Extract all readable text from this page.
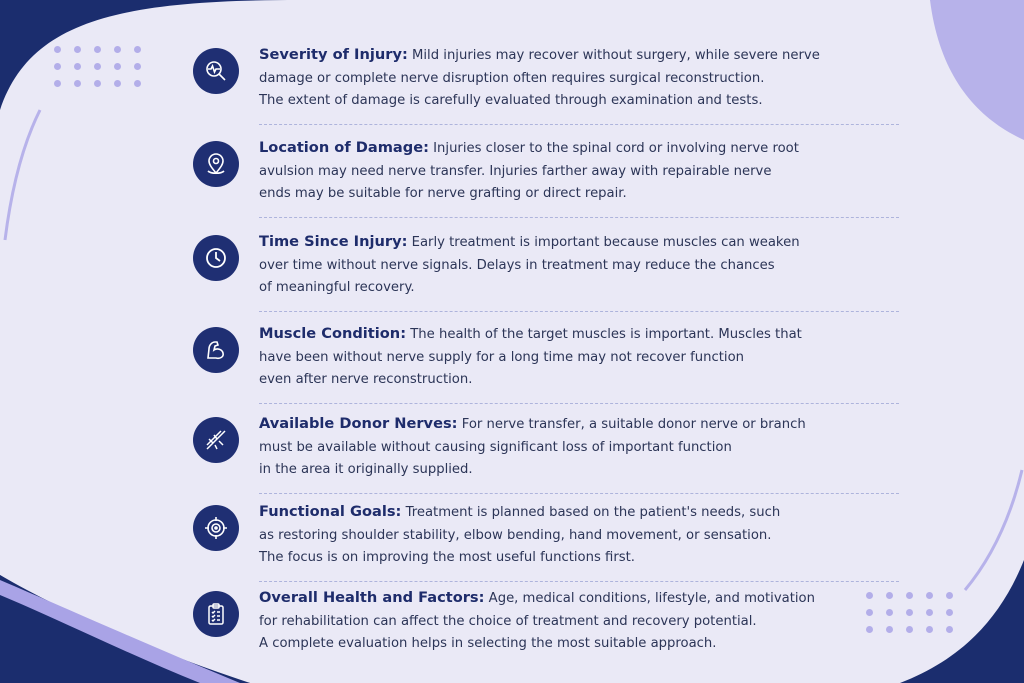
Severity of Injury: Mild injuries may recover without surgery, while severe nerve
damage or complete nerve disruption often requires surgical reconstruction.
The extent of damage is carefully evaluated through examination and tests.

Location of Damage: Injuries closer to the spinal cord or involving nerve root
avulsion may need nerve transfer. Injuries farther away with repairable nerve
ends may be suitable for nerve grafting or direct repair.

Time Since Injury: Early treatment is important because muscles can weaken
over time without nerve signals. Delays in treatment may reduce the chances
of meaningful recovery.

Muscle Condition: The health of the target muscles is important. Muscles that
have been without nerve supply for a long time may not recover function
even after nerve reconstruction.

Available Donor Nerves: For nerve transfer, a suitable donor nerve or branch
must be available without causing significant loss of important function
in the area it originally supplied.

Functional Goals: Treatment is planned based on the patient's needs, such
as restoring shoulder stability, elbow bending, hand movement, or sensation.
The focus is on improving the most useful functions first.

Overall Health and Factors: Age, medical conditions, lifestyle, and motivation
for rehabilitation can affect the choice of treatment and recovery potential.
A complete evaluation helps in selecting the most suitable approach.
